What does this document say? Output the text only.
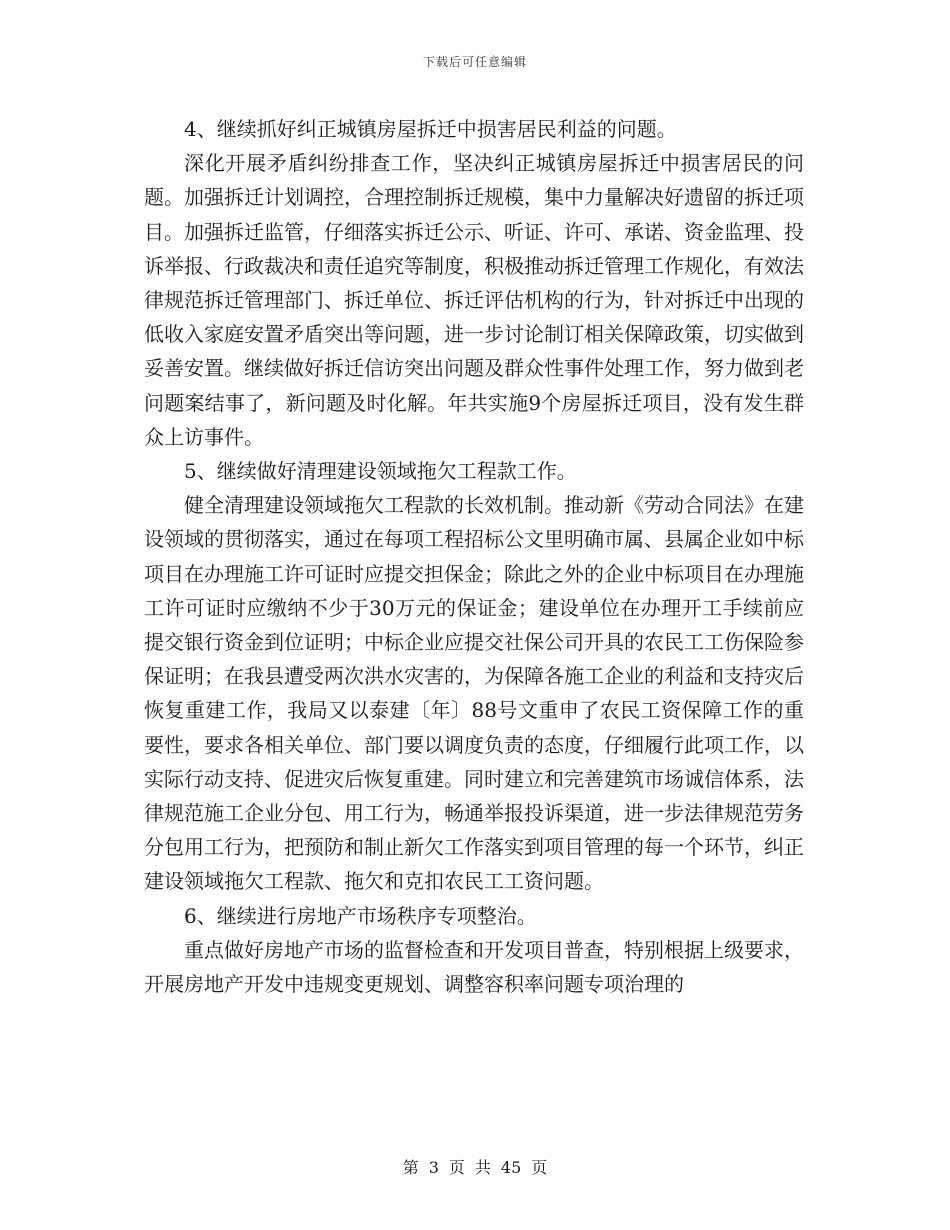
下载后可任意编辑

4、继续抓好纠正城镇房屋拆迁中损害居民利益的问题。

深化开展矛盾纠纷排查工作，坚决纠正城镇房屋拆迁中损害居民的问题。加强拆迁计划调控，合理控制拆迁规模，集中力量解决好遗留的拆迁项目。加强拆迁监管，仔细落实拆迁公示、听证、许可、承诺、资金监理、投诉举报、行政裁决和责任追究等制度，积极推动拆迁管理工作规化，有效法律规范拆迁管理部门、拆迁单位、拆迁评估机构的行为，针对拆迁中出现的低收入家庭安置矛盾突出等问题，进一步讨论制订相关保障政策，切实做到妥善安置。继续做好拆迁信访突出问题及群众性事件处理工作，努力做到老问题案结事了，新问题及时化解。年共实施9个房屋拆迁项目，没有发生群众上访事件。

5、继续做好清理建设领域拖欠工程款工作。

健全清理建设领域拖欠工程款的长效机制。推动新《劳动合同法》在建设领域的贯彻落实，通过在每项工程招标公文里明确市属、县属企业如中标项目在办理施工许可证时应提交担保金；除此之外的企业中标项目在办理施工许可证时应缴纳不少于30万元的保证金；建设单位在办理开工手续前应提交银行资金到位证明；中标企业应提交社保公司开具的农民工工伤保险参保证明；在我县遭受两次洪水灾害的，为保障各施工企业的利益和支持灾后恢复重建工作，我局又以泰建〔年〕88号文重申了农民工资保障工作的重要性，要求各相关单位、部门要以调度负责的态度，仔细履行此项工作，以实际行动支持、促进灾后恢复重建。同时建立和完善建筑市场诚信体系，法律规范施工企业分包、用工行为，畅通举报投诉渠道，进一步法律规范劳务分包用工行为，把预防和制止新欠工作落实到项目管理的每一个环节，纠正建设领域拖欠工程款、拖欠和克扣农民工工资问题。

6、继续进行房地产市场秩序专项整治。

重点做好房地产市场的监督检查和开发项目普查，特别根据上级要求，开展房地产开发中违规变更规划、调整容积率问题专项治理的

第 3 页 共 45 页
